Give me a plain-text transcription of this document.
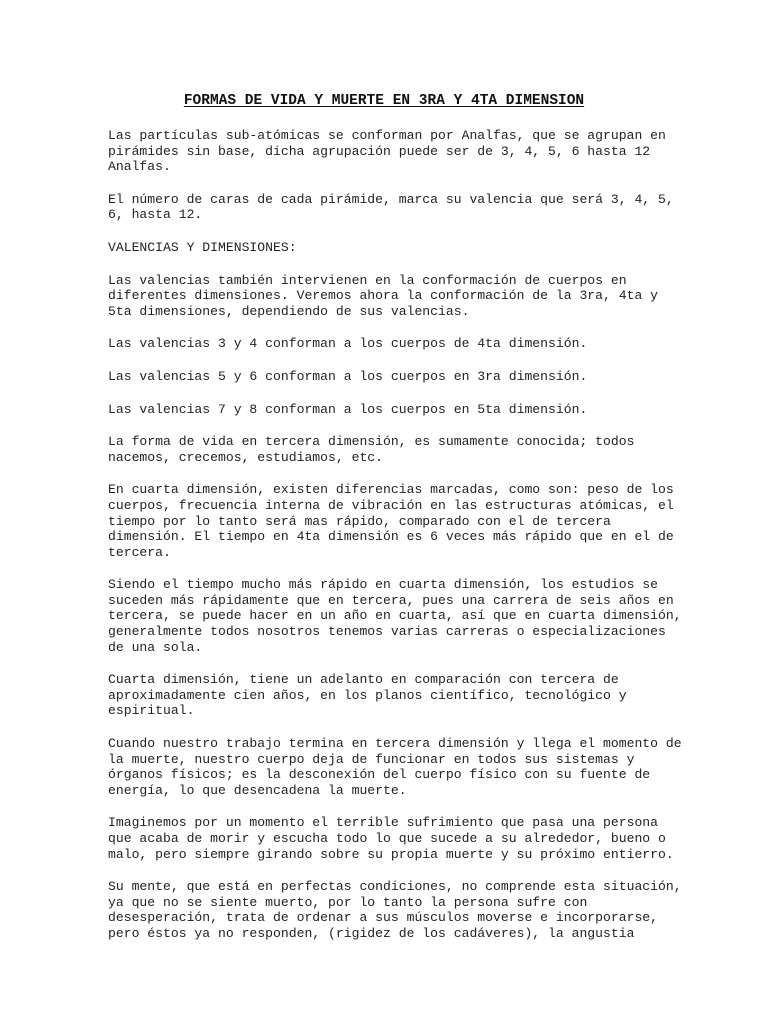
FORMAS DE VIDA Y MUERTE EN 3RA Y 4TA DIMENSION

Las partículas sub-atómicas se conforman por Analfas, que se agrupan en
pirámides sin base, dicha agrupación puede ser de 3, 4, 5, 6 hasta 12
Analfas.

El número de caras de cada pirámide, marca su valencia que será 3, 4, 5,
6, hasta 12.

VALENCIAS Y DIMENSIONES:

Las valencias también intervienen en la conformación de cuerpos en
diferentes dimensiones. Veremos ahora la conformación de la 3ra, 4ta y
5ta dimensiones, dependiendo de sus valencias.

Las valencias 3 y 4 conforman a los cuerpos de 4ta dimensión.

Las valencias 5 y 6 conforman a los cuerpos en 3ra dimensión.

Las valencias 7 y 8 conforman a los cuerpos en 5ta dimensión.

La forma de vida en tercera dimensión, es sumamente conocida; todos
nacemos, crecemos, estudiamos, etc.

En cuarta dimensión, existen diferencias marcadas, como son: peso de los
cuerpos, frecuencia interna de vibración en las estructuras atómicas, el
tiempo por lo tanto será mas rápido, comparado con el de tercera
dimensión. El tiempo en 4ta dimensión es 6 veces más rápido que en el de
tercera.

Siendo el tiempo mucho más rápido en cuarta dimensión, los estudios se
suceden más rápidamente que en tercera, pues una carrera de seis años en
tercera, se puede hacer en un año en cuarta, así que en cuarta dimensión,
generalmente todos nosotros tenemos varias carreras o especializaciones
de una sola.

Cuarta dimensión, tiene un adelanto en comparación con tercera de
aproximadamente cien años, en los planos científico, tecnológico y
espiritual.

Cuando nuestro trabajo termina en tercera dimensión y llega el momento de
la muerte, nuestro cuerpo deja de funcionar en todos sus sistemas y
órganos físicos; es la desconexión del cuerpo físico con su fuente de
energía, lo que desencadena la muerte.

Imaginemos por un momento el terrible sufrimiento que pasa una persona
que acaba de morir y escucha todo lo que sucede a su alrededor, bueno o
malo, pero siempre girando sobre su propia muerte y su próximo entierro.

Su mente, que está en perfectas condiciones, no comprende esta situación,
ya que no se siente muerto, por lo tanto la persona sufre con
desesperación, trata de ordenar a sus músculos moverse e incorporarse,
pero éstos ya no responden, (rigidez de los cadáveres), la angustia
